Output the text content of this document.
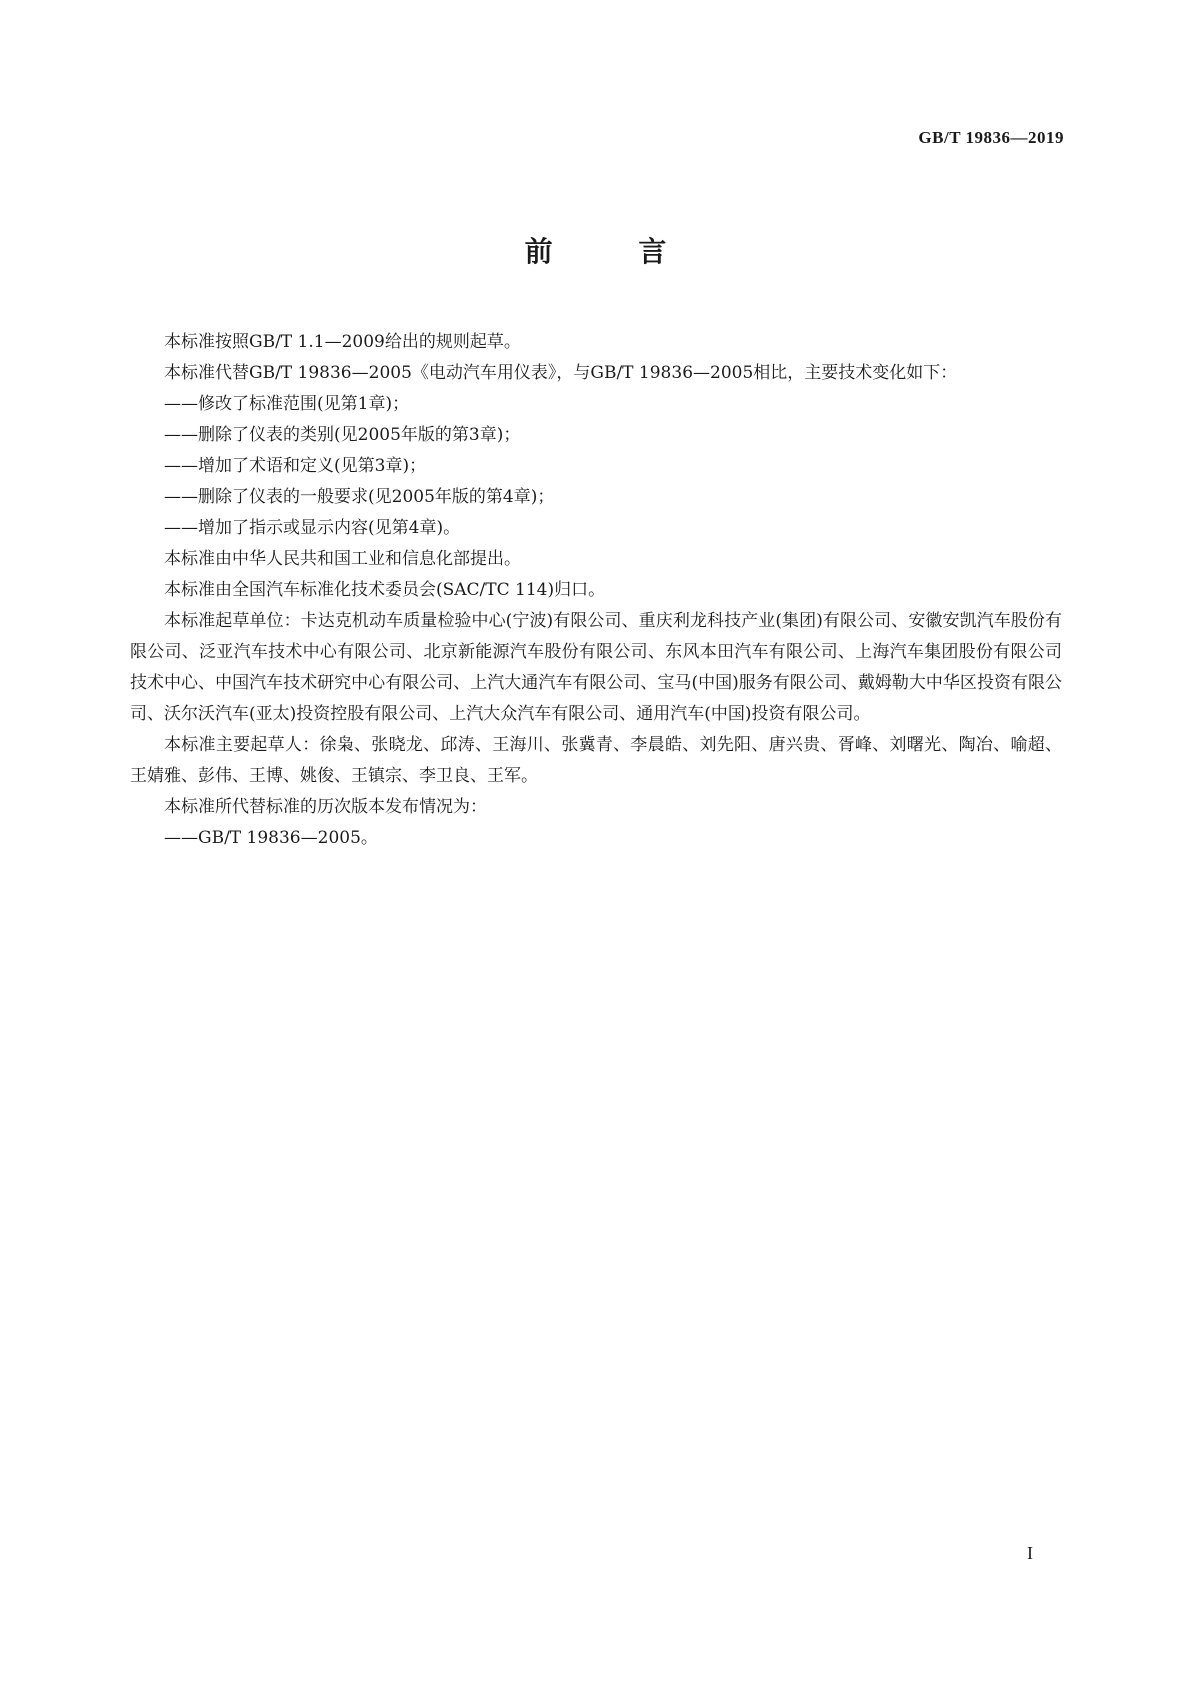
GB/T 19836—2019
前 言

本标准按照GB/T 1.1—2009给出的规则起草。

本标准代替GB/T 19836—2005《电动汽车用仪表》，与GB/T 19836—2005相比，主要技术变化如下：

——修改了标准范围(见第1章)；

——删除了仪表的类别(见2005年版的第3章)；

——增加了术语和定义(见第3章)；

——删除了仪表的一般要求(见2005年版的第4章)；

——增加了指示或显示内容(见第4章)。

本标准由中华人民共和国工业和信息化部提出。

本标准由全国汽车标准化技术委员会(SAC/TC 114)归口。

本标准起草单位：卡达克机动车质量检验中心(宁波)有限公司、重庆利龙科技产业(集团)有限公司、安徽安凯汽车股份有限公司、泛亚汽车技术中心有限公司、北京新能源汽车股份有限公司、东风本田汽车有限公司、上海汽车集团股份有限公司技术中心、中国汽车技术研究中心有限公司、上汽大通汽车有限公司、宝马(中国)服务有限公司、戴姆勒大中华区投资有限公司、沃尔沃汽车(亚太)投资控股有限公司、上汽大众汽车有限公司、通用汽车(中国)投资有限公司。

本标准主要起草人：徐枭、张晓龙、邱涛、王海川、张冀青、李晨皓、刘先阳、唐兴贵、胥峰、刘曙光、陶冶、喻超、王婧雅、彭伟、王博、姚俊、王镇宗、李卫良、王军。

本标准所代替标准的历次版本发布情况为：

——GB/T 19836—2005。

I
